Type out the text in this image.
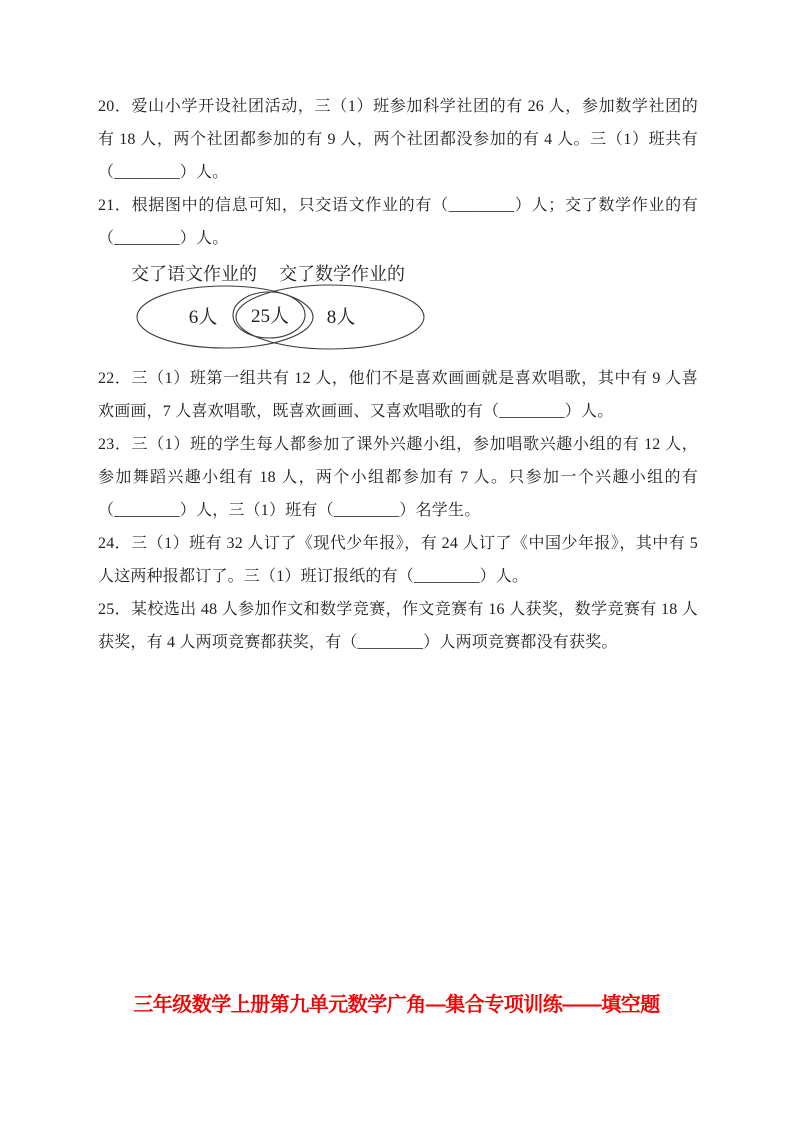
20．爱山小学开设社团活动，三（1）班参加科学社团的有 26 人，参加数学社团的有 18 人，两个社团都参加的有 9 人，两个社团都没参加的有 4 人。三（1）班共有（________）人。

21．根据图中的信息可知，只交语文作业的有（________）人；交了数学作业的有（________）人。

交了语文作业的 交了数学作业的
6人 25人 8人

22．三（1）班第一组共有 12 人，他们不是喜欢画画就是喜欢唱歌，其中有 9 人喜欢画画，7 人喜欢唱歌，既喜欢画画、又喜欢唱歌的有（________）人。

23．三（1）班的学生每人都参加了课外兴趣小组，参加唱歌兴趣小组的有 12 人，参加舞蹈兴趣小组有 18 人，两个小组都参加有 7 人。只参加一个兴趣小组的有（________）人，三（1）班有（________）名学生。

24．三（1）班有 32 人订了《现代少年报》，有 24 人订了《中国少年报》，其中有 5 人这两种报都订了。三（1）班订报纸的有（________）人。

25．某校选出 48 人参加作文和数学竞赛，作文竞赛有 16 人获奖，数学竞赛有 18 人获奖，有 4 人两项竞赛都获奖，有（________）人两项竞赛都没有获奖。

三年级数学上册第九单元数学广角—集合专项训练——填空题
